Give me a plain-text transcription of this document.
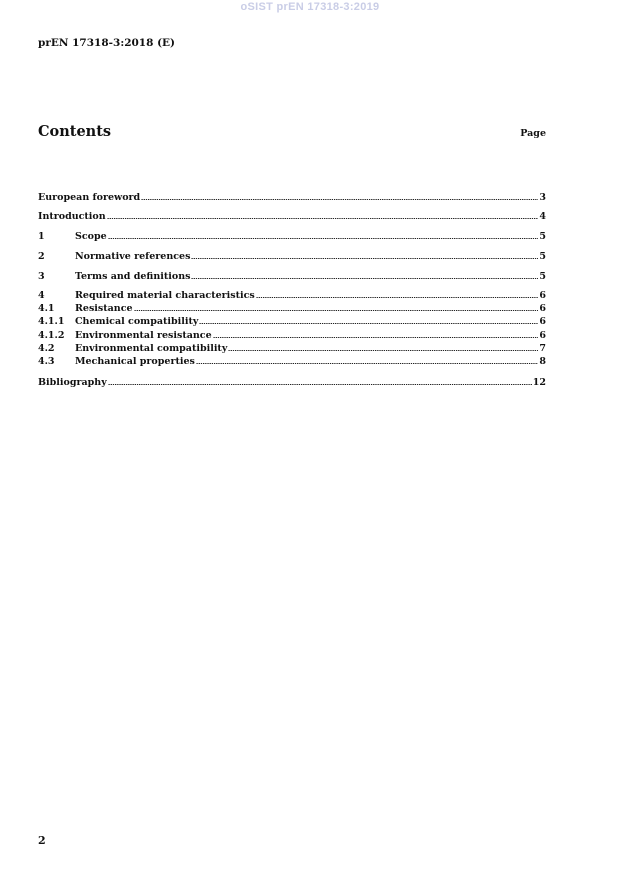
oSIST prEN 17318-3:2019
prEN 17318-3:2018 (E)
Contents	Page
European foreword	3
Introduction	4
1	Scope	5
2	Normative references	5
3	Terms and definitions	5
4	Required material characteristics	6
4.1	Resistance	6
4.1.1	Chemical compatibility	6
4.1.2	Environmental resistance	6
4.2	Environmental compatibility	7
4.3	Mechanical properties	8
Bibliography	12
2
